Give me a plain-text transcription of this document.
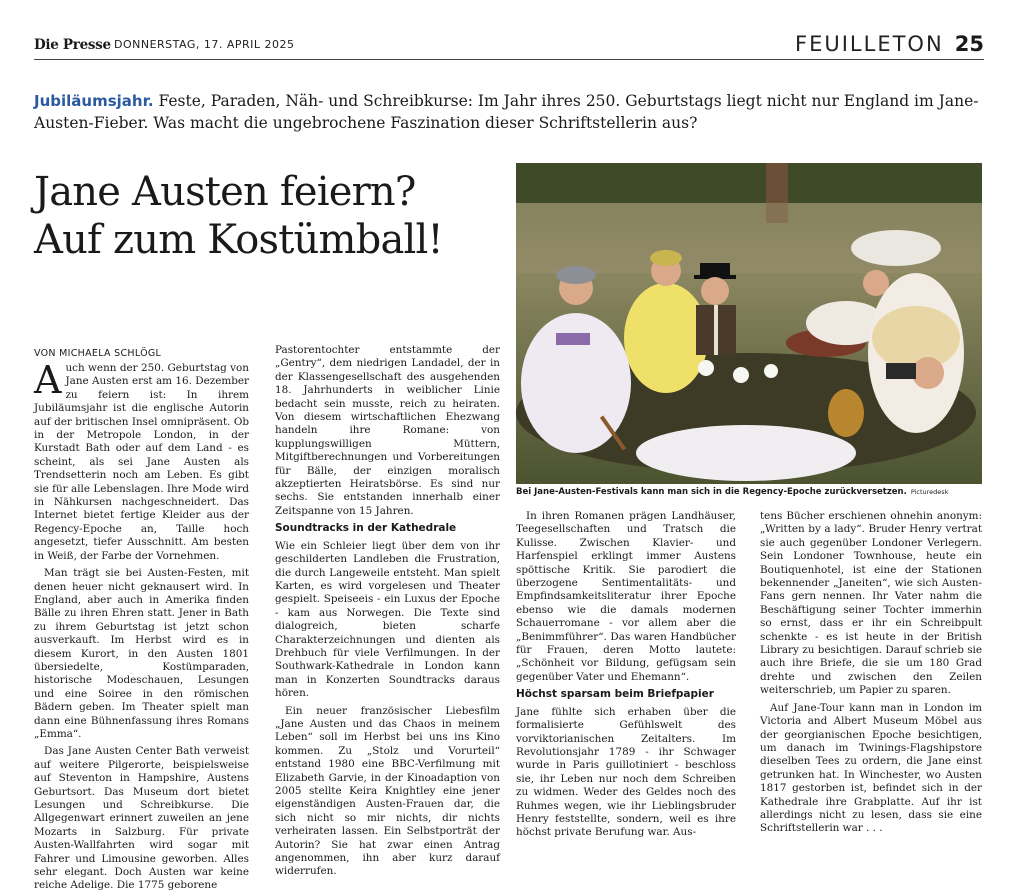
Die Presse DONNERSTAG, 17. APRIL 2025	FEUILLETON 25
Jubiläumsjahr. Feste, Paraden, Näh- und Schreibkurse: Im Jahr ihres 250. Geburtstags liegt nicht nur England im Jane-Austen-Fieber. Was macht die ungebrochene Faszination dieser Schriftstellerin aus?
Jane Austen feiern?
Auf zum Kostümball!
Bei Jane-Austen-Festivals kann man sich in die Regency-Epoche zurückversetzen. Picturedesk
VON MICHAELA SCHLÖGL

Auch wenn der 250. Geburtstag von Jane Austen erst am 16. Dezember zu feiern ist: In ihrem Jubiläumsjahr ist die englische Autorin auf der britischen Insel omnipräsent. Ob in der Metropole London, in der Kurstadt Bath oder auf dem Land - es scheint, als sei Jane Austen als Trendsetterin noch am Leben. Es gibt sie für alle Lebenslagen. Ihre Mode wird in Nähkursen nachgeschneidert. Das Internet bietet fertige Kleider aus der Regency-Epoche an, Taille hoch angesetzt, tiefer Ausschnitt. Am besten in Weiß, der Farbe der Vornehmen.

Man trägt sie bei Austen-Festen, mit denen heuer nicht geknausert wird. In England, aber auch in Amerika finden Bälle zu ihren Ehren statt. Jener in Bath zu ihrem Geburtstag ist jetzt schon ausverkauft. Im Herbst wird es in diesem Kurort, in den Austen 1801 übersiedelte, Kostümparaden, historische Modeschauen, Lesungen und eine Soiree in den römischen Bädern geben. Im Theater spielt man dann eine Bühnenfassung ihres Romans „Emma“.

Das Jane Austen Center Bath verweist auf weitere Pilgerorte, beispielsweise auf Steventon in Hampshire, Austens Geburtsort. Das Museum dort bietet Lesungen und Schreibkurse. Die Allgegenwart erinnert zuweilen an jene Mozarts in Salzburg. Für private Austen-Wallfahrten wird sogar mit Fahrer und Limousine geworben. Alles sehr elegant. Doch Austen war keine reiche Adelige. Die 1775 geborene

Pastorentochter entstammte der „Gentry“, dem niedrigen Landadel, der in der Klassengesellschaft des ausgehenden 18. Jahrhunderts in weiblicher Linie bedacht sein musste, reich zu heiraten. Von diesem wirtschaftlichen Ehezwang handeln ihre Romane: von kupplungswilligen Müttern, Mitgiftberechnungen und Vorbereitungen für Bälle, der einzigen moralisch akzeptierten Heiratsbörse. Es sind nur sechs. Sie entstanden innerhalb einer Zeitspanne von 15 Jahren.

Soundtracks in der Kathedrale

Wie ein Schleier liegt über dem von ihr geschilderten Landleben die Frustration, die durch Langeweile entsteht. Man spielt Karten, es wird vorgelesen und Theater gespielt. Speiseeis - ein Luxus der Epoche - kam aus Norwegen. Die Texte sind dialogreich, bieten scharfe Charakterzeichnungen und dienten als Drehbuch für viele Verfilmungen. In der Southwark-Kathedrale in London kann man in Konzerten Soundtracks daraus hören.

Ein neuer französischer Liebesfilm „Jane Austen und das Chaos in meinem Leben“ soll im Herbst bei uns ins Kino kommen. Zu „Stolz und Vorurteil“ entstand 1980 eine BBC-Verfilmung mit Elizabeth Garvie, in der Kinoadaption von 2005 stellte Keira Knightley eine jener eigenständigen Austen-Frauen dar, die sich nicht so mir nichts, dir nichts verheiraten lassen. Ein Selbstporträt der Autorin? Sie hat zwar einen Antrag angenommen, ihn aber kurz darauf widerrufen.

In ihren Romanen prägen Landhäuser, Teegesellschaften und Tratsch die Kulisse. Zwischen Klavier- und Harfenspiel erklingt immer Austens spöttische Kritik. Sie parodiert die überzogene Sentimentalitäts- und Empfindsamkeitsliteratur ihrer Epoche ebenso wie die damals modernen Schauerromane - vor allem aber die „Benimmführer“. Das waren Handbücher für Frauen, deren Motto lautete: „Schönheit vor Bildung, gefügsam sein gegenüber Vater und Ehemann“.

Höchst sparsam beim Briefpapier

Jane fühlte sich erhaben über die formalisierte Gefühlswelt des vorviktorianischen Zeitalters. Im Revolutionsjahr 1789 - ihr Schwager wurde in Paris guillotiniert - beschloss sie, ihr Leben nur noch dem Schreiben zu widmen. Weder des Geldes noch des Ruhmes wegen, wie ihr Lieblingsbruder Henry feststellte, sondern, weil es ihre höchst private Berufung war. Aus-

tens Bücher erschienen ohnehin anonym: „Written by a lady“. Bruder Henry vertrat sie auch gegenüber Londoner Verlegern. Sein Londoner Townhouse, heute ein Boutiquenhotel, ist eine der Stationen bekennender „Janeiten“, wie sich Austen-Fans gern nennen. Ihr Vater nahm die Beschäftigung seiner Tochter immerhin so ernst, dass er ihr ein Schreibpult schenkte - es ist heute in der British Library zu besichtigen. Darauf schrieb sie auch ihre Briefe, die sie um 180 Grad drehte und zwischen den Zeilen weiterschrieb, um Papier zu sparen.

Auf Jane-Tour kann man in London im Victoria and Albert Museum Möbel aus der georgianischen Epoche besichtigen, um danach im Twinings-Flagshipstore dieselben Tees zu ordern, die Jane einst getrunken hat. In Winchester, wo Austen 1817 gestorben ist, befindet sich in der Kathedrale ihre Grabplatte. Auf ihr ist allerdings nicht zu lesen, dass sie eine Schriftstellerin war . . .
